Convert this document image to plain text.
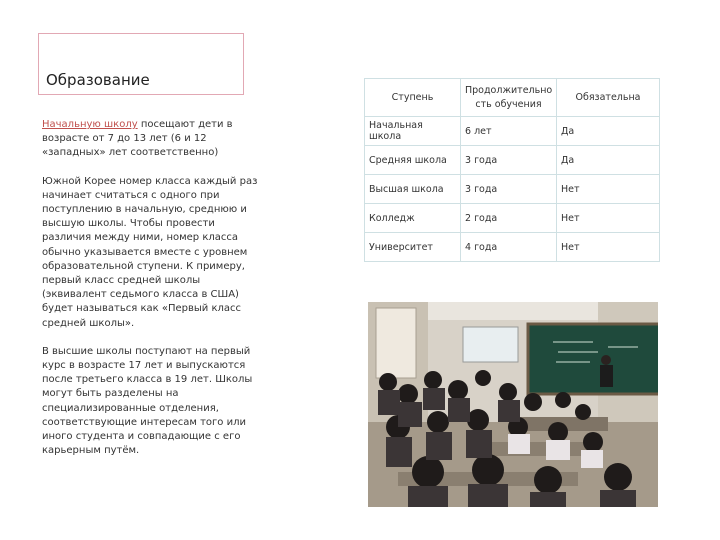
Образование

Начальную школу посещают дети в возрасте от 7 до 13 лет (6 и 12 «западных» лет соответственно)

Южной Корее номер класса каждый раз начинает считаться с одного при поступлению в начальную, среднюю и высшую школы. Чтобы провести различия между ними, номер класса обычно указывается вместе с уровнем образовательной ступени. К примеру, первый класс средней школы (эквивалент седьмого класса в США) будет называться как «Первый класс средней школы».

В высшие школы поступают на первый курс в возрасте 17 лет и выпускаются после третьего класса в 19 лет. Школы могут быть разделены на специализированные отделения, соответствующие интересам того или иного студента и совпадающие с его карьерным путём.

Ступень	Продолжительно сть обучения	Обязательна
Начальная школа	6 лет	Да
Средняя школа	3 года	Да
Высшая школа	3 года	Нет
Колледж	2 года	Нет
Университет	4 года	Нет
